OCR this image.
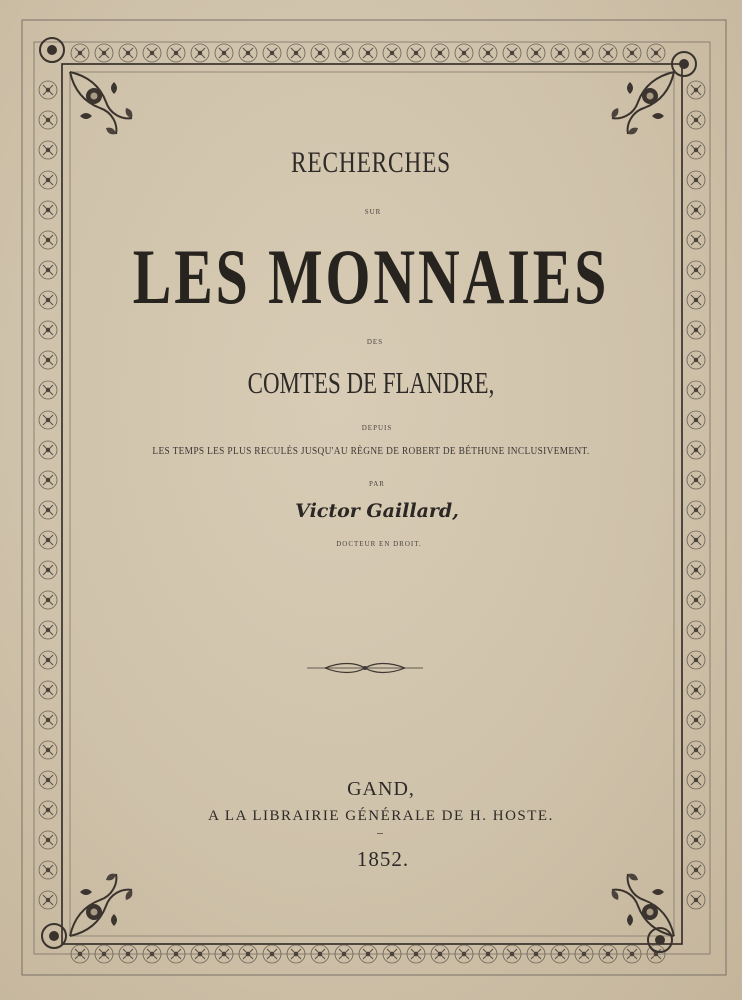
RECHERCHES
SUR
LES MONNAIES
DES
COMTES DE FLANDRE,
DEPUIS
LES TEMPS LES PLUS RECULÉS JUSQU'AU RÈGNE DE ROBERT DE BÉTHUNE INCLUSIVEMENT.
PAR
Victor Gaillard,
DOCTEUR EN DROIT.
GAND,
A LA LIBRAIRIE GÉNÉRALE DE H. HOSTE.
1852.
